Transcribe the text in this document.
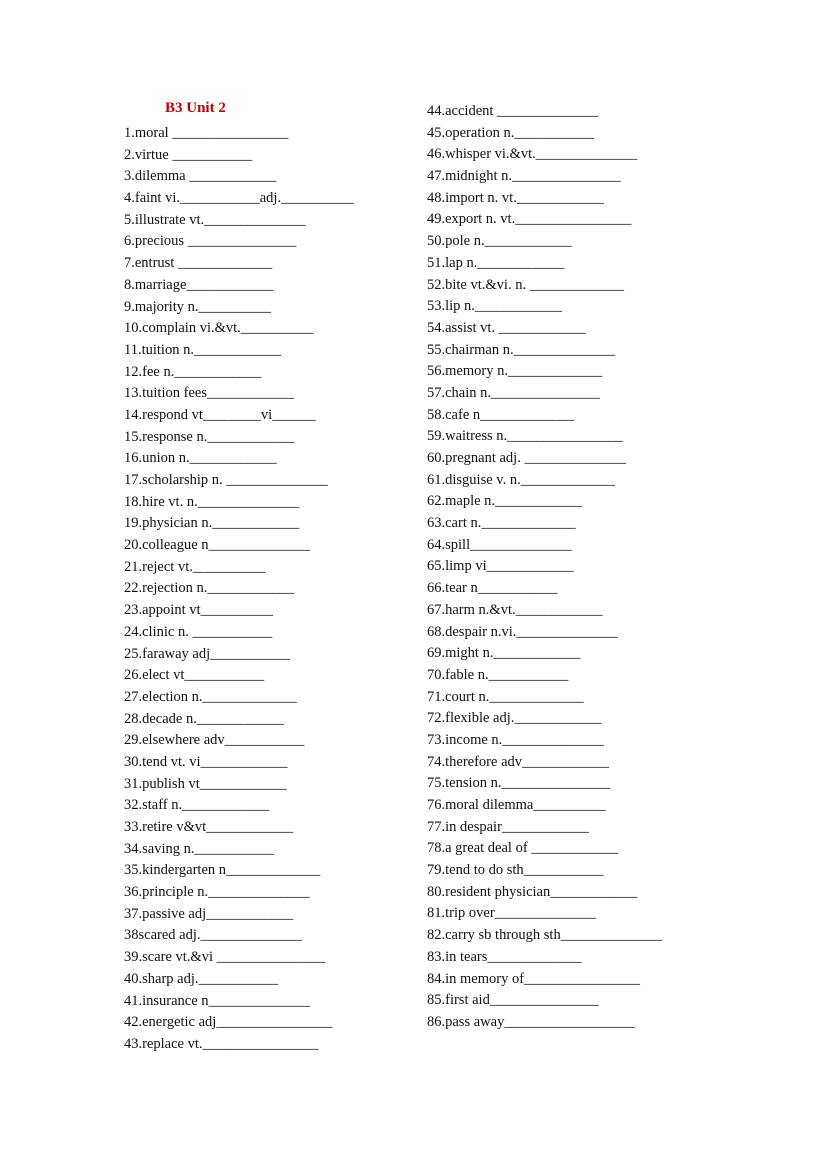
B3 Unit 2
1.moral ________________
2.virtue ___________
3.dilemma ____________
4.faint vi.___________adj.__________
5.illustrate vt.______________
6.precious _______________
7.entrust _____________
8.marriage____________
9.majority n.__________
10.complain vi.&vt.__________
11.tuition n.____________
12.fee n.____________
13.tuition fees____________
14.respond vt________vi______
15.response n.____________
16.union n.____________
17.scholarship n. ______________
18.hire vt. n.______________
19.physician n.____________
20.colleague n______________
21.reject vt.__________
22.rejection n.____________
23.appoint vt__________
24.clinic n. ___________
25.faraway adj___________
26.elect vt___________
27.election n._____________
28.decade n.____________
29.elsewhere adv___________
30.tend vt. vi____________
31.publish vt____________
32.staff n.____________
33.retire v&vt____________
34.saving n.___________
35.kindergarten n_____________
36.principle n.______________
37.passive adj____________
38scared adj.______________
39.scare vt.&vi _______________
40.sharp adj.___________
41.insurance n______________
42.energetic adj________________
43.replace vt.________________
44.accident ______________
45.operation n.___________
46.whisper vi.&vt.______________
47.midnight n._______________
48.import n. vt.____________
49.export n. vt.________________
50.pole n.____________
51.lap n.____________
52.bite vt.&vi. n. _____________
53.lip n.____________
54.assist vt. ____________
55.chairman n.______________
56.memory n._____________
57.chain n._______________
58.cafe n_____________
59.waitress n.________________
60.pregnant adj. ______________
61.disguise v. n._____________
62.maple n.____________
63.cart n._____________
64.spill______________
65.limp vi____________
66.tear n___________
67.harm n.&vt.____________
68.despair n.vi.______________
69.might n.____________
70.fable n.___________
71.court n._____________
72.flexible adj.____________
73.income n.______________
74.therefore adv____________
75.tension n._______________
76.moral dilemma__________
77.in despair____________
78.a great deal of ____________
79.tend to do sth___________
80.resident physician____________
81.trip over______________
82.carry sb through sth______________
83.in tears_____________
84.in memory of________________
85.first aid_______________
86.pass away__________________
